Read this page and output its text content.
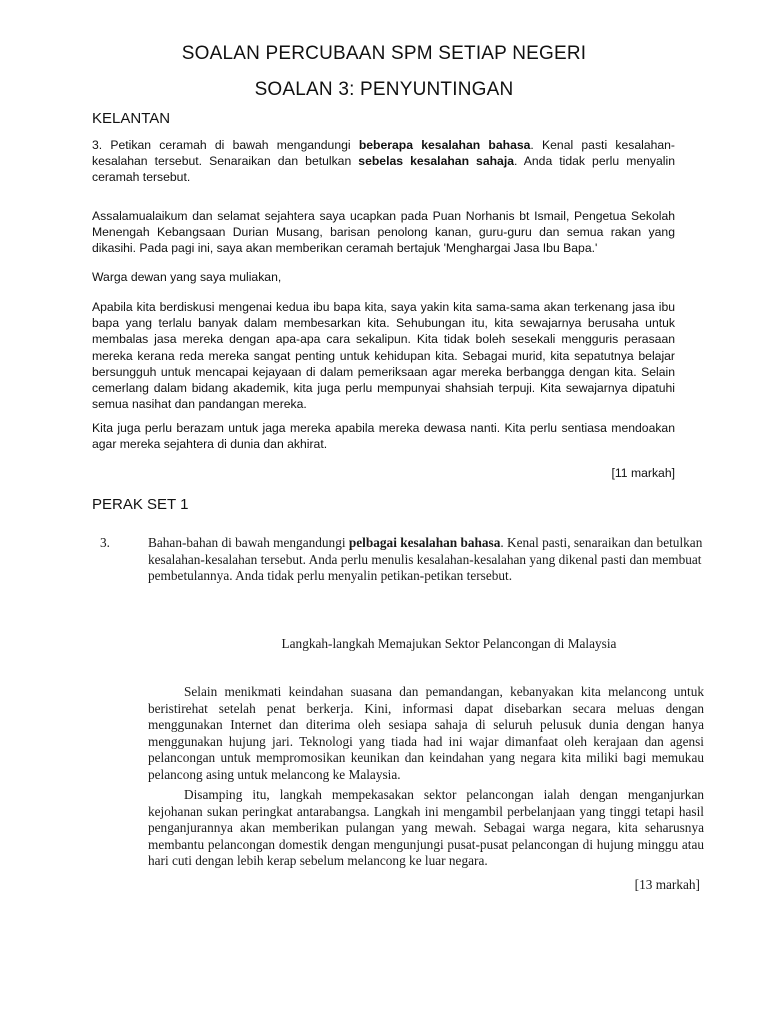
SOALAN PERCUBAAN SPM SETIAP NEGERI
SOALAN 3: PENYUNTINGAN
KELANTAN
3. Petikan ceramah di bawah mengandungi beberapa kesalahan bahasa. Kenal pasti kesalahan-kesalahan tersebut. Senaraikan dan betulkan sebelas kesalahan sahaja. Anda tidak perlu menyalin ceramah tersebut.
Assalamualaikum dan selamat sejahtera saya ucapkan pada Puan Norhanis bt Ismail, Pengetua Sekolah Menengah Kebangsaan Durian Musang, barisan penolong kanan, guru-guru dan semua rakan yang dikasihi. Pada pagi ini, saya akan memberikan ceramah bertajuk 'Menghargai Jasa Ibu Bapa.'
Warga dewan yang saya muliakan,
Apabila kita berdiskusi mengenai kedua ibu bapa kita, saya yakin kita sama-sama akan terkenang jasa ibu bapa yang terlalu banyak dalam membesarkan kita. Sehubungan itu, kita sewajarnya berusaha untuk membalas jasa mereka dengan apa-apa cara sekalipun. Kita tidak boleh sesekali mengguris perasaan mereka kerana reda mereka sangat penting untuk kehidupan kita. Sebagai murid, kita sepatutnya belajar bersungguh untuk mencapai kejayaan di dalam pemeriksaan agar mereka berbangga dengan kita. Selain cemerlang dalam bidang akademik, kita juga perlu mempunyai shahsiah terpuji. Kita sewajarnya dipatuhi semua nasihat dan pandangan mereka.
Kita juga perlu berazam untuk jaga mereka apabila mereka dewasa nanti. Kita perlu sentiasa mendoakan agar mereka sejahtera di dunia dan akhirat.
[11 markah]
PERAK SET 1
3.	Bahan-bahan di bawah mengandungi pelbagai kesalahan bahasa. Kenal pasti, senaraikan dan betulkan kesalahan-kesalahan tersebut. Anda perlu menulis kesalahan-kesalahan yang dikenal pasti dan membuat pembetulannya. Anda tidak perlu menyalin petikan-petikan tersebut.
Langkah-langkah Memajukan Sektor Pelancongan di Malaysia
Selain menikmati keindahan suasana dan pemandangan, kebanyakan kita melancong untuk beristirehat setelah penat berkerja. Kini, informasi dapat disebarkan secara meluas dengan menggunakan Internet dan diterima oleh sesiapa sahaja di seluruh pelusuk dunia dengan hanya menggunakan hujung jari. Teknologi yang tiada had ini wajar dimanfaat oleh kerajaan dan agensi pelancongan untuk mempromosikan keunikan dan keindahan yang negara kita miliki bagi memukau pelancong asing untuk melancong ke Malaysia.
Disamping itu, langkah mempekasakan sektor pelancongan ialah dengan menganjurkan kejohanan sukan peringkat antarabangsa. Langkah ini mengambil perbelanjaan yang tinggi tetapi hasil penganjurannya akan memberikan pulangan yang mewah. Sebagai warga negara, kita seharusnya membantu pelancongan domestik dengan mengunjungi pusat-pusat pelancongan di hujung minggu atau hari cuti dengan lebih kerap sebelum melancong ke luar negara.
[13 markah]
